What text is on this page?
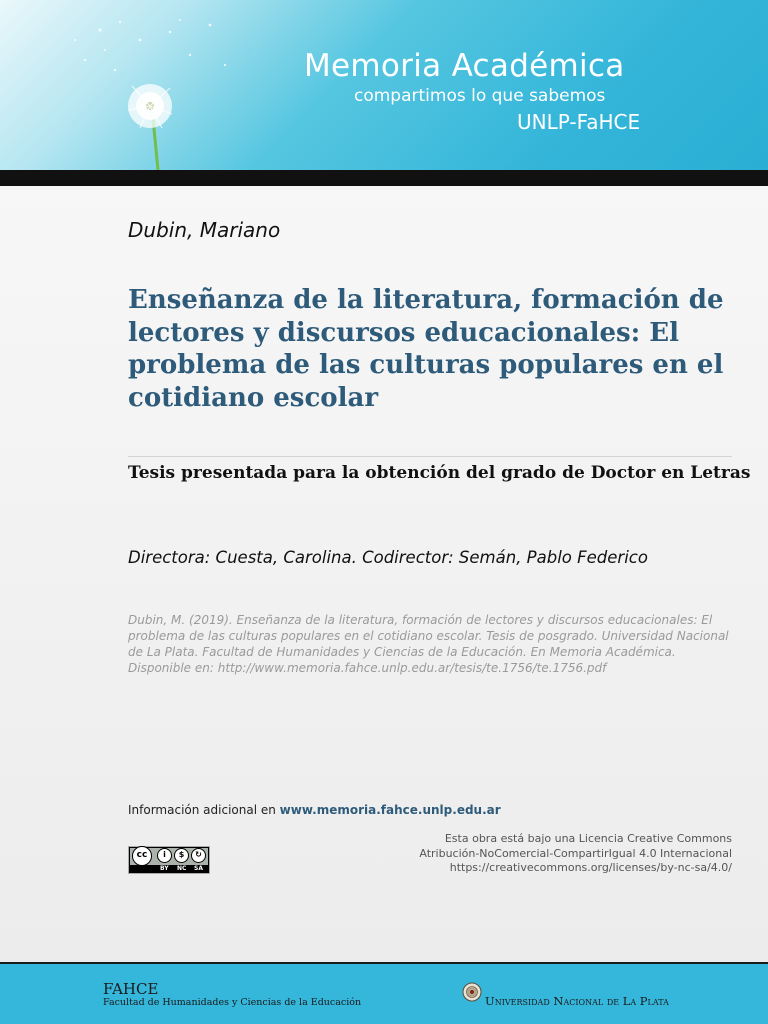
Memoria Académica
compartimos lo que sabemos
UNLP-FaHCE
Dubin, Mariano
Enseñanza de la literatura, formación de lectores y discursos educacionales: El problema de las culturas populares en el cotidiano escolar
Tesis presentada para la obtención del grado de Doctor en Letras
Directora: Cuesta, Carolina. Codirector: Semán, Pablo Federico
Dubin, M. (2019). Enseñanza de la literatura, formación de lectores y discursos educacionales: El problema de las culturas populares en el cotidiano escolar. Tesis de posgrado. Universidad Nacional de La Plata. Facultad de Humanidades y Ciencias de la Educación. En Memoria Académica. Disponible en: http://www.memoria.fahce.unlp.edu.ar/tesis/te.1756/te.1756.pdf
Información adicional en www.memoria.fahce.unlp.edu.ar
cc	i	$	↻
BY NC SA
Esta obra está bajo una Licencia Creative Commons
Atribución-NoComercial-CompartirIgual 4.0 Internacional
https://creativecommons.org/licenses/by-nc-sa/4.0/
FAHCE
Facultad de Humanidades y Ciencias de la Educación	Universidad Nacional de La Plata
